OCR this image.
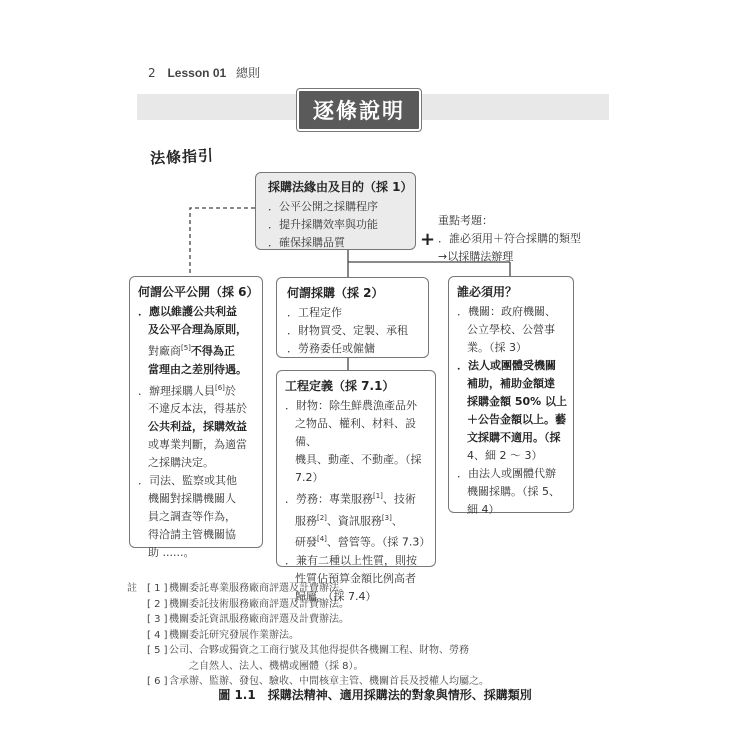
2 Lesson 01 總則
逐條說明
法條指引
採購法緣由及目的（採 1）
．公平公開之採購程序
．提升採購效率與功能
．確保採購品質	+
重點考題：
．誰必須用＋符合採購的類型
→以採購法辦理
何謂公平公開（採 6）
．應以維護公共利益
及公平合理為原則，
對廠商[5]不得為正
當理由之差別待遇。
．辦理採購人員[6]於
不違反本法，得基於
公共利益，採購效益
或專業判斷，為適當
之採購決定。
．司法、監察或其他
機關對採購機關人
員之調查等作為，
得洽請主管機關協
助 ......。
何謂採購（採 2）
．工程定作
．財物買受、定製、承租
．勞務委任或僱傭
工程定義（採 7.1）
．財物：除生鮮農漁產品外
之物品、權利、材料、設備、
機具、動產、不動產。（採
7.2）
．勞務：專業服務[1]、技術
服務[2]、資訊服務[3]、
研發[4]、營管等。（採 7.3）
．兼有二種以上性質，則按
性質佔預算金額比例高者
歸屬。（採 7.4）
誰必須用？
．機關：政府機關、
公立學校、公營事
業。（採 3）
．法人或團體受機關
補助，補助金額達
採購金額 50% 以上
＋公告金額以上。藝
文採購不適用。（採
4、細 2 ～ 3）
．由法人或團體代辦
機關採購。（採 5、
細 4）
註 [ 1 ]機關委託專業服務廠商評選及計費辦法。
[ 2 ]機關委託技術服務廠商評選及計費辦法。
[ 3 ]機關委託資訊服務廠商評選及計費辦法。
[ 4 ]機關委託研究發展作業辦法。
[ 5 ]公司、合夥或獨資之工商行號及其他得提供各機關工程、財物、勞務
之自然人、法人、機構或團體（採 8）。
[ 6 ]含承辦、監辦、發包、驗收、中間核章主管、機關首長及授權人均屬之。
圖 1.1　採購法精神、適用採購法的對象與情形、採購類別
